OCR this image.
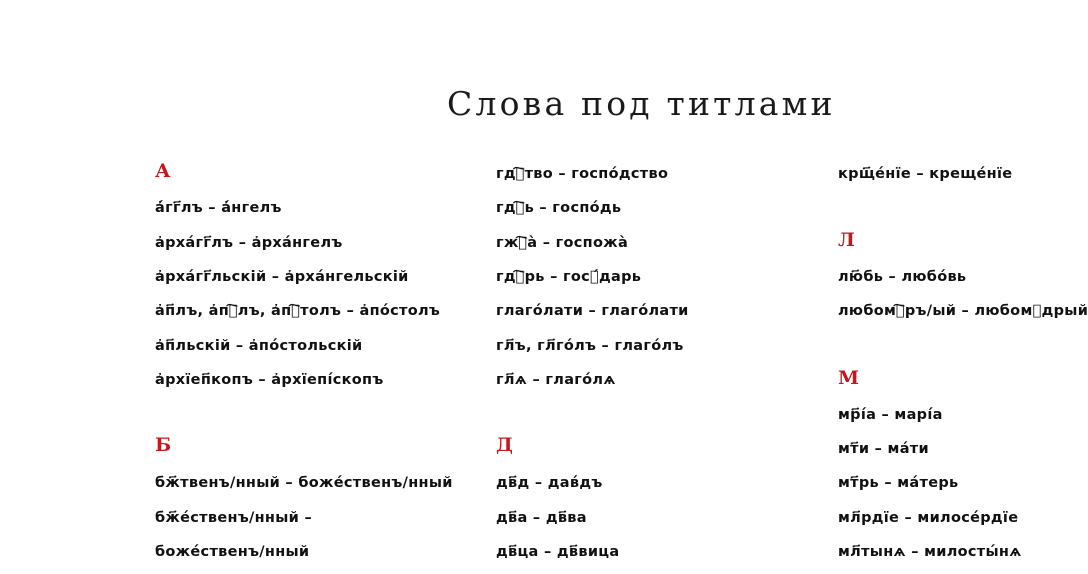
Слова под титлами
А
а҆́гг҃лъ – а҆́нгелъ
а҆рха́гг҃лъ – а҆рха́нгелъ
а҆рха́гг҃льскій – а҆рха́нгельскій
а҆п҃лъ, а҆пⷭ҇лъ, а҆пⷭ҇толъ – а҆по́столъ
а҆п҃льскій – а҆по́стольскій
а҆рхїеп҃копъ – а҆рхїепі́скопъ
Б
бж҃твенъ/нный – боже́ственъ/нный
бж҃е́ственъ/нный –
боже́ственъ/нный
гдⷭ҇тво – госпо́дство
гдⷭ҇ь – госпо́дь
гжⷭ҇а̀ – госпожа̀
гдⷭ҇рь – госꙋ́дарь
глаго́лати – глаго́лати
гл҃ъ, гл҃го́лъ – глаго́лъ
гл҃ѧ – глаго́лѧ
Д
дв҃д – дав́дъ
дв҃а – дв҃ва
дв҃ца – дв҃вица
крщ҃е́нїе – креще́нїе
Л
лю҃бь – любо́вь
любомⷭ҇ръ/ый – любомꙋдрый
М
мр҃і́а – марі́а
мт҃и – ма́ти
мт҃рь – ма́терь
мл҃рдїе – милосе́рдїе
мл҃тынѧ – милосты́нѧ
